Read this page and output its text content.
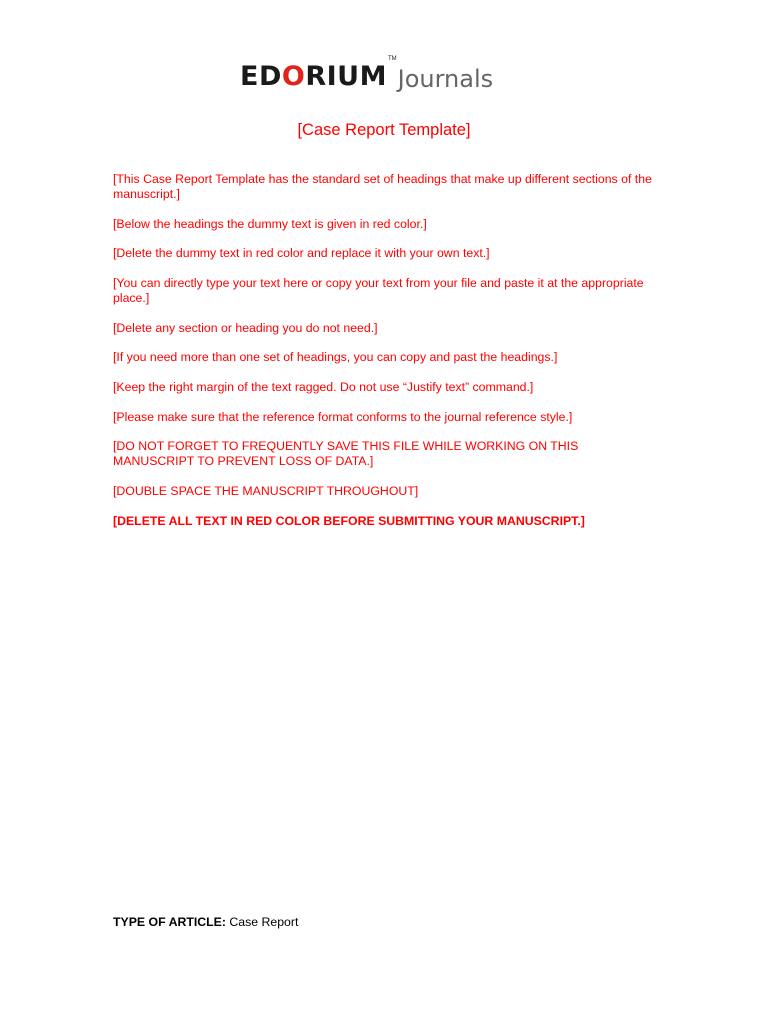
EDORIUM
TM
Journals
[Case Report Template]

[This Case Report Template has the standard set of headings that make up different sections of the manuscript.]

[Below the headings the dummy text is given in red color.]

[Delete the dummy text in red color and replace it with your own text.]

[You can directly type your text here or copy your text from your file and paste it at the appropriate place.]

[Delete any section or heading you do not need.]

[If you need more than one set of headings, you can copy and past the headings.]

[Keep the right margin of the text ragged. Do not use “Justify text” command.]

[Please make sure that the reference format conforms to the journal reference style.]

[DO NOT FORGET TO FREQUENTLY SAVE THIS FILE WHILE WORKING ON THIS MANUSCRIPT TO PREVENT LOSS OF DATA.]

[DOUBLE SPACE THE MANUSCRIPT THROUGHOUT]

[DELETE ALL TEXT IN RED COLOR BEFORE SUBMITTING YOUR MANUSCRIPT.]

TYPE OF ARTICLE: Case Report
